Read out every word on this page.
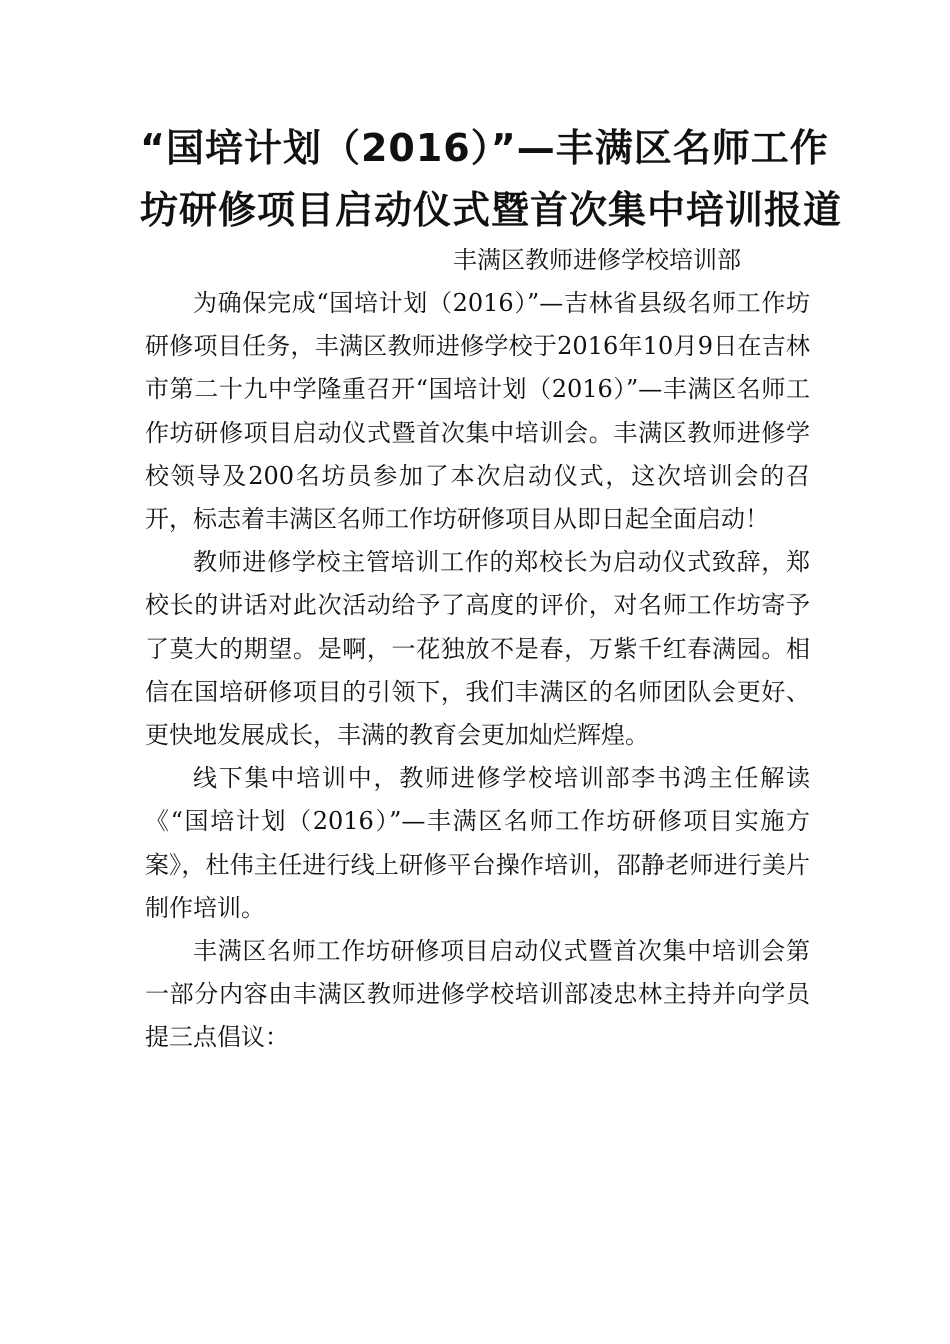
“国培计划（2016）”—丰满区名师工作
坊研修项目启动仪式暨首次集中培训报道
丰满区教师进修学校培训部

为确保完成“国培计划（2016）”—吉林省县级名师工作坊研修项目任务，丰满区教师进修学校于2016年10月9日在吉林市第二十九中学隆重召开“国培计划（2016）”—丰满区名师工作坊研修项目启动仪式暨首次集中培训会。丰满区教师进修学校领导及200名坊员参加了本次启动仪式，这次培训会的召开，标志着丰满区名师工作坊研修项目从即日起全面启动！

教师进修学校主管培训工作的郑校长为启动仪式致辞，郑校长的讲话对此次活动给予了高度的评价，对名师工作坊寄予了莫大的期望。是啊，一花独放不是春，万紫千红春满园。相信在国培研修项目的引领下，我们丰满区的名师团队会更好、更快地发展成长，丰满的教育会更加灿烂辉煌。

线下集中培训中，教师进修学校培训部李书鸿主任解读《“国培计划（2016）”—丰满区名师工作坊研修项目实施方案》，杜伟主任进行线上研修平台操作培训，邵静老师进行美片制作培训。

丰满区名师工作坊研修项目启动仪式暨首次集中培训会第一部分内容由丰满区教师进修学校培训部凌忠林主持并向学员提三点倡议：
